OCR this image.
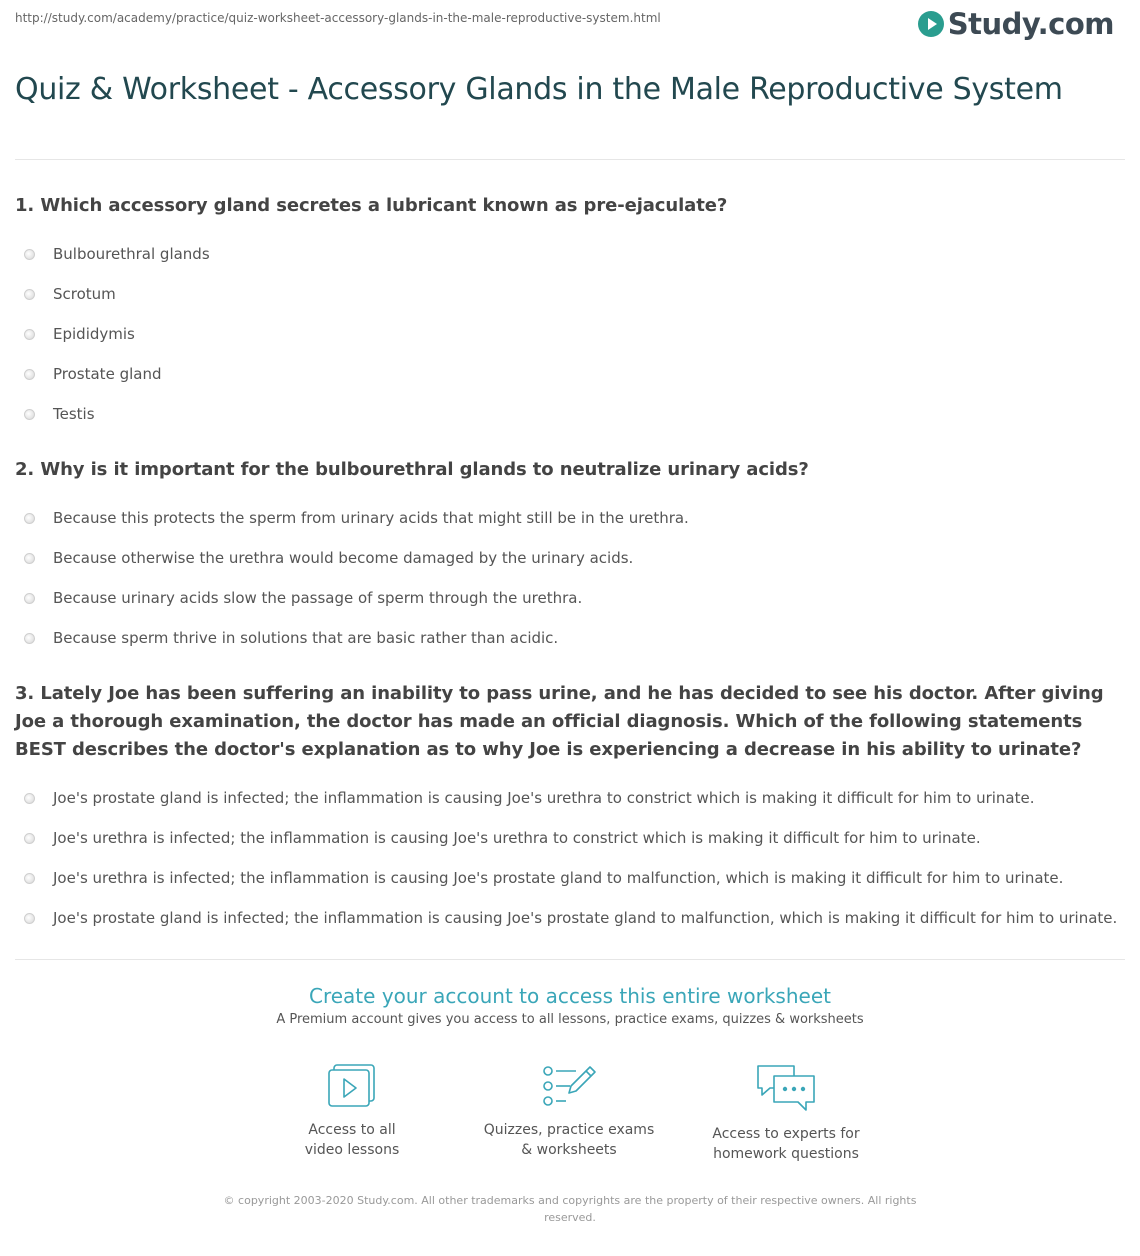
http://study.com/academy/practice/quiz-worksheet-accessory-glands-in-the-male-reproductive-system.html	Study.com
Quiz & Worksheet - Accessory Glands in the Male Reproductive System
1. Which accessory gland secretes a lubricant known as pre-ejaculate?
Bulbourethral glands
Scrotum
Epididymis
Prostate gland
Testis
2. Why is it important for the bulbourethral glands to neutralize urinary acids?
Because this protects the sperm from urinary acids that might still be in the urethra.
Because otherwise the urethra would become damaged by the urinary acids.
Because urinary acids slow the passage of sperm through the urethra.
Because sperm thrive in solutions that are basic rather than acidic.
3. Lately Joe has been suffering an inability to pass urine, and he has decided to see his doctor. After giving Joe a thorough examination, the doctor has made an official diagnosis. Which of the following statements BEST describes the doctor's explanation as to why Joe is experiencing a decrease in his ability to urinate?
Joe's prostate gland is infected; the inflammation is causing Joe's urethra to constrict which is making it difficult for him to urinate.
Joe's urethra is infected; the inflammation is causing Joe's urethra to constrict which is making it difficult for him to urinate.
Joe's urethra is infected; the inflammation is causing Joe's prostate gland to malfunction, which is making it difficult for him to urinate.
Joe's prostate gland is infected; the inflammation is causing Joe's prostate gland to malfunction, which is making it difficult for him to urinate.
Create your account to access this entire worksheet
A Premium account gives you access to all lessons, practice exams, quizzes & worksheets
Access to all
video lessons
Quizzes, practice exams
& worksheets
Access to experts for
homework questions
© copyright 2003-2020 Study.com. All other trademarks and copyrights are the property of their respective owners. All rights reserved.
